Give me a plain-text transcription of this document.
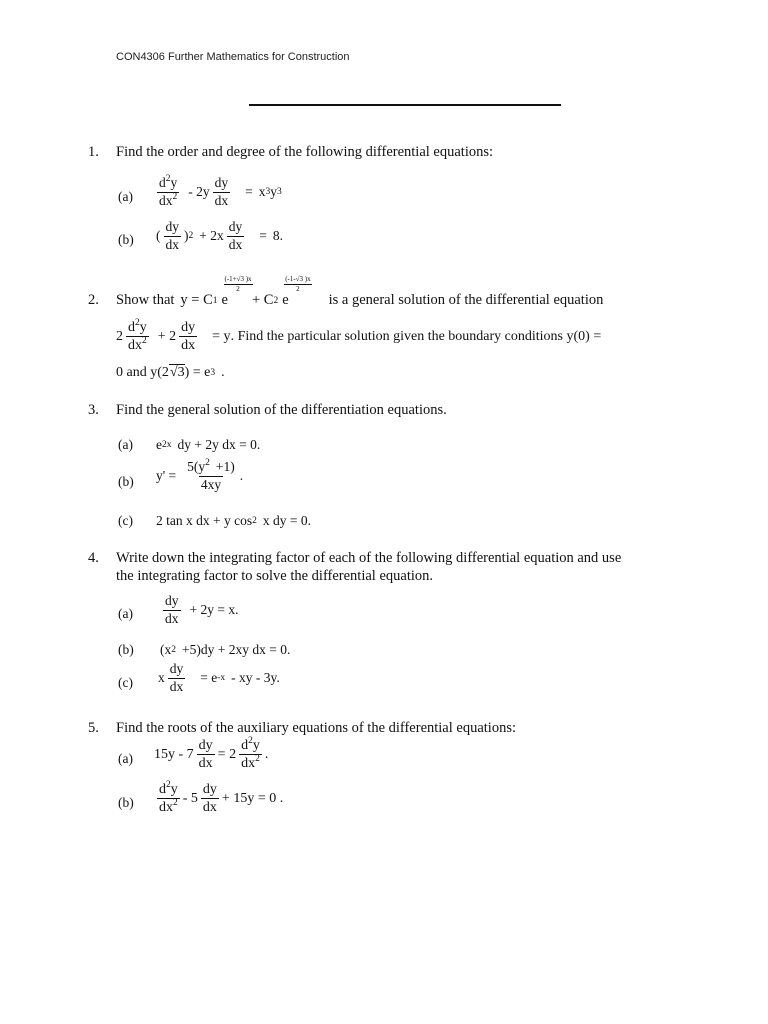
CON4306 Further Mathematics for Construction
1. Find the order and degree of the following differential equations:
$(a) \frac{d^2y}{dx^2} - 2y \frac{dy}{dx} = x$ 3 y 3
(b) ( $\frac{dy}{dx}$ ) $2 + 2x \frac{dy}{dx} = 8$.
2. Show that y = C 1 e
(-1+√3 )x
2
+ C 2 e
(-1-√3 )x
2
is a general solution of the differential equation
$2 \frac{d^2y}{dx^2} + 2 \frac{dy}{dx} = y$ . Find the particular solution given the boundary conditions y(0) =
0 and y(2 √3 ) = e 3 .
3. Find the general solution of the differentiation equations.
(a) e 2x dy + 2y dx = 0.
(b) $y' = \frac{5(y^2 +1)}{4xy}$ .
(c) 2 tan x dx + y cos 2 x dy = 0.
4. Write down the integrating factor of each of the following differential equation and use
the integrating factor to solve the differential equation.
$(a) \frac{dy}{dx} + 2y = x$.
(b) (x 2 +5)dy + 2xy dx = 0.
(c) x $\frac{dy}{dx} = e$ -x - xy - 3y.
5. Find the roots of the auxiliary equations of the differential equations:
(a) $15y - 7 \frac{dy}{dx} = 2 \frac{d^2y}{dx^2}$ .
$(b) \frac{d^2y}{dx^2} - 5 \frac{dy}{dx} + 15y = 0$ .
